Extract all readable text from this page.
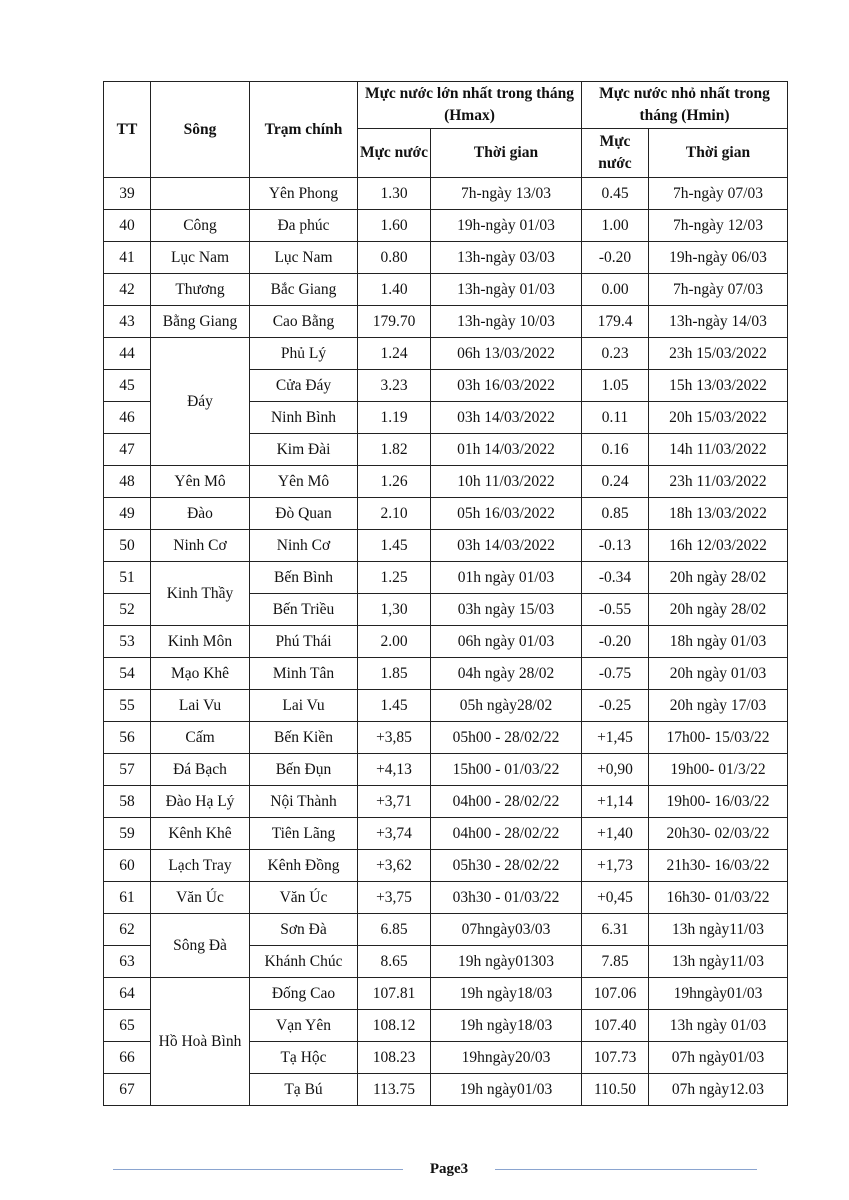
TT	Sông	Trạm chính	Mực nước lớn nhất trong tháng (Hmax)		Mực nước nhỏ nhất trong tháng (Hmin)	
			Mực nước	Thời gian	Mực nước	Thời gian
39		Yên Phong	1.30	7h-ngày 13/03	0.45	7h-ngày 07/03
40	Công	Đa phúc	1.60	19h-ngày 01/03	1.00	7h-ngày 12/03
41	Lục Nam	Lục Nam	0.80	13h-ngày 03/03	-0.20	19h-ngày 06/03
42	Thương	Bắc Giang	1.40	13h-ngày 01/03	0.00	7h-ngày 07/03
43	Bằng Giang	Cao Bằng	179.70	13h-ngày 10/03	179.4	13h-ngày 14/03
44	Đáy	Phủ Lý	1.24	06h 13/03/2022	0.23	23h 15/03/2022
45		Cửa Đáy	3.23	03h 16/03/2022	1.05	15h 13/03/2022
46		Ninh Bình	1.19	03h 14/03/2022	0.11	20h 15/03/2022
47		Kim Đài	1.82	01h 14/03/2022	0.16	14h 11/03/2022
48	Yên Mô	Yên Mô	1.26	10h 11/03/2022	0.24	23h 11/03/2022
49	Đào	Đò Quan	2.10	05h 16/03/2022	0.85	18h 13/03/2022
50	Ninh Cơ	Ninh Cơ	1.45	03h 14/03/2022	-0.13	16h 12/03/2022
51	Kinh Thầy	Bến Bình	1.25	01h ngày 01/03	-0.34	20h ngày 28/02
52		Bến Triều	1,30	03h ngày 15/03	-0.55	20h ngày 28/02
53	Kinh Môn	Phú Thái	2.00	06h ngày 01/03	-0.20	18h ngày 01/03
54	Mạo Khê	Minh Tân	1.85	04h ngày 28/02	-0.75	20h ngày 01/03
55	Lai Vu	Lai Vu	1.45	05h ngày28/02	-0.25	20h ngày 17/03
56	Cấm	Bến Kiền	+3,85	05h00 - 28/02/22	+1,45	17h00- 15/03/22
57	Đá Bạch	Bến Đụn	+4,13	15h00 - 01/03/22	+0,90	19h00- 01/3/22
58	Đào Hạ Lý	Nội Thành	+3,71	04h00 - 28/02/22	+1,14	19h00- 16/03/22
59	Kênh Khê	Tiên Lãng	+3,74	04h00 - 28/02/22	+1,40	20h30- 02/03/22
60	Lạch Tray	Kênh Đồng	+3,62	05h30 - 28/02/22	+1,73	21h30- 16/03/22
61	Văn Úc	Văn Úc	+3,75	03h30 - 01/03/22	+0,45	16h30- 01/03/22
62	Sông Đà	Sơn Đà	6.85	07hngày03/03	6.31	13h ngày11/03
63		Khánh Chúc	8.65	19h ngày01303	7.85	13h ngày11/03
64	Hồ Hoà Bình	Đống Cao	107.81	19h ngày18/03	107.06	19hngày01/03
65		Vạn Yên	108.12	19h ngày18/03	107.40	13h ngày 01/03
66		Tạ Hộc	108.23	19hngày20/03	107.73	07h ngày01/03
67		Tạ Bú	113.75	19h ngày01/03	110.50	07h ngày12.03
Page3
